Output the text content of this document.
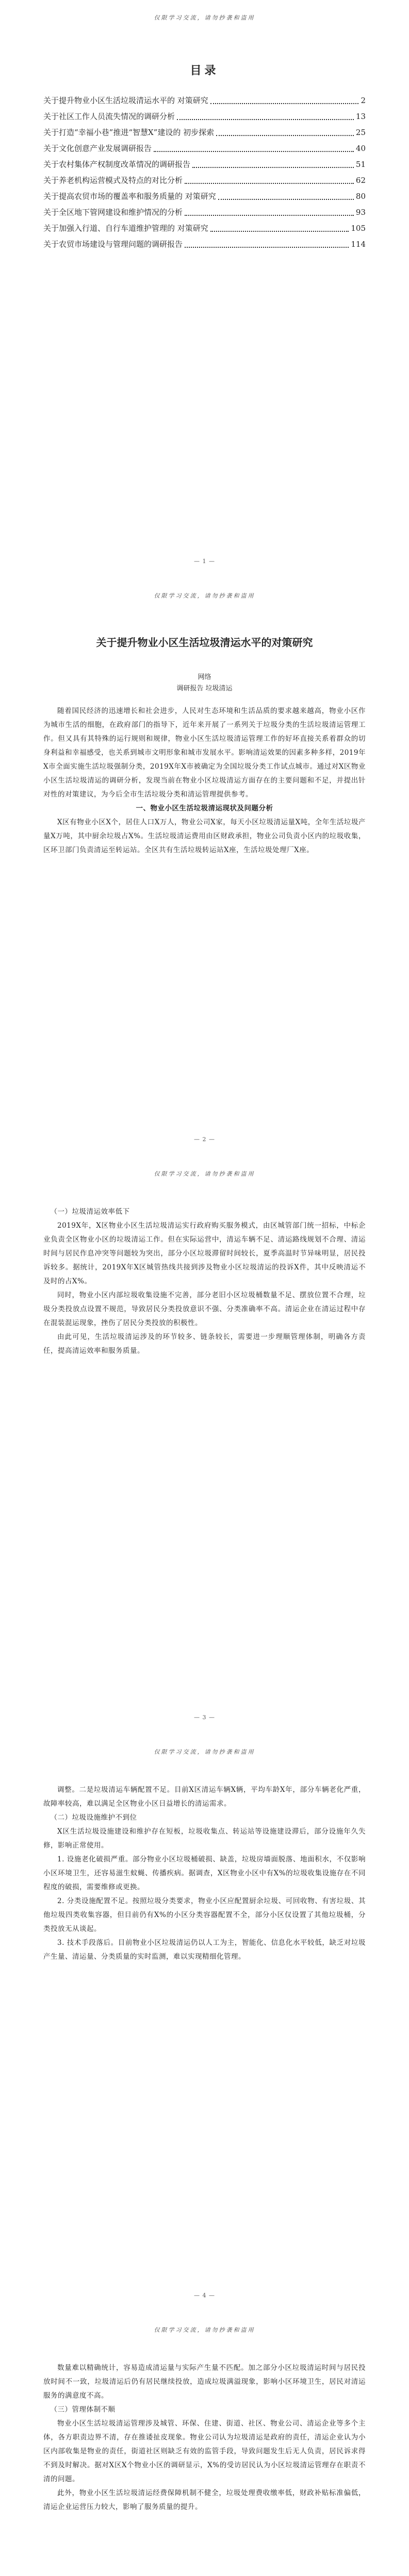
仅限学习交流，请勿抄袭和盗用
目录
关于提升物业小区生活垃圾清运水平的 对策研究	2
关于社区工作人员流失情况的调研分析	13
关于打造“幸福小巷”推进“智慧X”建设的 初步探索	25
关于文化创意产业发展调研报告	40
关于农村集体产权制度改革情况的调研报告	51
关于养老机构运营模式及特点的对比分析	62
关于提高农贸市场的覆盖率和服务质量的 对策研究	80
关于全区地下管网建设和维护情况的分析	93
关于加强入行道、自行车道维护管理的 对策研究	105
关于农贸市场建设与管理问题的调研报告	114
— 1 —
仅限学习交流，请勿抄袭和盗用
关于提升物业小区生活垃圾清运水平的对策研究
网络
调研报告 垃圾清运

随着国民经济的迅速增长和社会进步，人民对生态环境和生活品质的要求越来越高，物业小区作为城市生活的细胞，在政府部门的指导下，近年来开展了一系列关于垃圾分类的生活垃圾清运管理工作。但又具有其特殊的运行规则和规律，物业小区生活垃圾清运管理工作的好坏直接关系着群众的切身利益和幸福感受，也关系到城市文明形象和城市发展水平。影响清运效果的因素多种多样，2019年X市全面实施生活垃圾强制分类，2019X年X市被确定为全国垃圾分类工作试点城市。通过对X区物业小区生活垃圾清运的调研分析，发现当前在物业小区垃圾清运方面存在的主要问题和不足，并提出针对性的对策建议，为今后全市生活垃圾分类和清运管理提供参考。

一、物业小区生活垃圾清运现状及问题分析

X区有物业小区X个，居住人口X万人，物业公司X家，每天小区垃圾清运量X吨，全年生活垃圾产量X万吨，其中厨余垃圾占X%。生活垃圾清运费用由区财政承担，物业公司负责小区内的垃圾收集，区环卫部门负责清运至转运站。全区共有生活垃圾转运站X座，生活垃圾处理厂X座。

— 2 —
仅限学习交流，请勿抄袭和盗用

（一）垃圾清运效率低下

2019X年，X区物业小区生活垃圾清运实行政府购买服务模式，由区城管部门统一招标，中标企业负责全区物业小区的垃圾清运工作。但在实际运营中，清运车辆不足、清运路线规划不合理、清运时间与居民作息冲突等问题较为突出，部分小区垃圾滞留时间较长，夏季高温时节异味明显，居民投诉较多。据统计，2019X年X区城管热线共接到涉及物业小区垃圾清运的投诉X件，其中反映清运不及时的占X%。

同时，物业小区内部垃圾收集设施不完善，部分老旧小区垃圾桶数量不足、摆放位置不合理，垃圾分类投放点设置不规范，导致居民分类投放意识不强、分类准确率不高。清运企业在清运过程中存在混装混运现象，挫伤了居民分类投放的积极性。

由此可见，生活垃圾清运涉及的环节较多、链条较长，需要进一步理顺管理体制，明确各方责任，提高清运效率和服务质量。

— 3 —
仅限学习交流，请勿抄袭和盗用

调整。二是垃圾清运车辆配置不足。目前X区清运车辆X辆，平均车龄X年，部分车辆老化严重，故障率较高，难以满足全区物业小区日益增长的清运需求。

（二）垃圾设施维护不到位

X区生活垃圾设施建设和维护存在短板，垃圾收集点、转运站等设施建设滞后，部分设施年久失修，影响正常使用。

1. 设施老化破损严重。部分物业小区垃圾桶破损、缺盖，垃圾房墙面脱落、地面积水，不仅影响小区环境卫生，还容易滋生蚊蝇、传播疾病。据调查，X区物业小区中有X%的垃圾收集设施存在不同程度的破损，需要维修或更换。

2. 分类设施配置不足。按照垃圾分类要求，物业小区应配置厨余垃圾、可回收物、有害垃圾、其他垃圾四类收集容器，但目前仍有X%的小区分类容器配置不全，部分小区仅设置了其他垃圾桶，分类投放无从谈起。

3. 技术手段落后。目前物业小区垃圾清运仍以人工为主，智能化、信息化水平较低，缺乏对垃圾产生量、清运量、分类质量的实时监测，难以实现精细化管理。

— 4 —
仅限学习交流，请勿抄袭和盗用

数量难以精确统计，容易造成清运量与实际产生量不匹配。加之部分小区垃圾清运时间与居民投放时间不一致，垃圾清运后仍有居民继续投放，造成垃圾满溢现象，影响小区环境卫生，居民对清运服务的满意度不高。

（三）管理体制不顺

物业小区生活垃圾清运管理涉及城管、环保、住建、街道、社区、物业公司、清运企业等多个主体，各方职责边界不清，存在推诿扯皮现象。物业公司认为垃圾清运是政府的责任，清运企业认为小区内部收集是物业的责任，街道社区则缺乏有效的监管手段，导致问题发生后无人负责，居民诉求得不到及时解决。据对X区X个物业小区的调研显示，X%的受访居民认为小区垃圾清运管理存在职责不清的问题。

此外，物业小区生活垃圾清运经费保障机制不健全，垃圾处理费收缴率低，财政补贴标准偏低，清运企业运营压力较大，影响了服务质量的提升。
